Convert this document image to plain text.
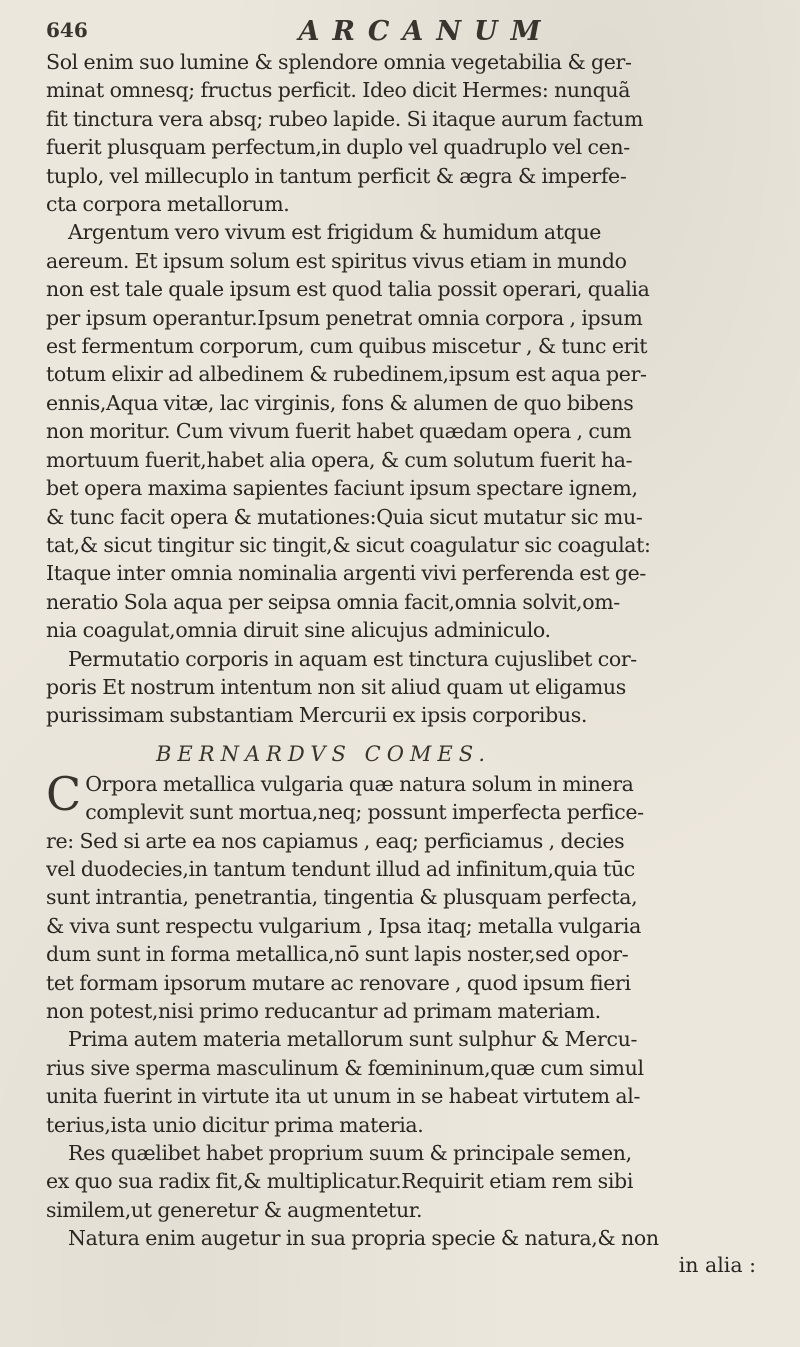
646	ARCANUM

Sol enim suo lumine & splendore omnia vegetabilia & ger-
minat omnesq; fructus perficit. Ideo dicit Hermes: nunquã
fit tinctura vera absq; rubeo lapide. Si itaque aurum factum
fuerit plusquam perfectum,in duplo vel quadruplo vel cen-
tuplo, vel millecuplo in tantum perficit & ægra & imperfe-
cta corpora metallorum.

Argentum vero vivum est frigidum & humidum atque
aereum. Et ipsum solum est spiritus vivus etiam in mundo
non est tale quale ipsum est quod talia possit operari, qualia
per ipsum operantur.Ipsum penetrat omnia corpora , ipsum
est fermentum corporum, cum quibus miscetur , & tunc erit
totum elixir ad albedinem & rubedinem,ipsum est aqua per-
ennis,Aqua vitæ, lac virginis, fons & alumen de quo bibens
non moritur. Cum vivum fuerit habet quædam opera , cum
mortuum fuerit,habet alia opera, & cum solutum fuerit ha-
bet opera maxima sapientes faciunt ipsum spectare ignem,
& tunc facit opera & mutationes:Quia sicut mutatur sic mu-
tat,& sicut tingitur sic tingit,& sicut coagulatur sic coagulat:
Itaque inter omnia nominalia argenti vivi perferenda est ge-
neratio Sola aqua per seipsa omnia facit,omnia solvit,om-
nia coagulat,omnia diruit sine alicujus adminiculo.

Permutatio corporis in aquam est tinctura cujuslibet cor-
poris Et nostrum intentum non sit aliud quam ut eligamus
purissimam substantiam Mercurii ex ipsis corporibus.

BERNARDVS COMES.
C Orpora metallica vulgaria quæ natura solum in minera
complevit sunt mortua,neq; possunt imperfecta perfice-
re: Sed si arte ea nos capiamus , eaq; perficiamus , decies
vel duodecies,in tantum tendunt illud ad infinitum,quia tūc
sunt intrantia, penetrantia, tingentia & plusquam perfecta,
& viva sunt respectu vulgarium , Ipsa itaq; metalla vulgaria
dum sunt in forma metallica,nō sunt lapis noster,sed opor-
tet formam ipsorum mutare ac renovare , quod ipsum fieri
non potest,nisi primo reducantur ad primam materiam.

Prima autem materia metallorum sunt sulphur & Mercu-
rius sive sperma masculinum & fœmininum,quæ cum simul
unita fuerint in virtute ita ut unum in se habeat virtutem al-
terius,ista unio dicitur prima materia.

Res quælibet habet proprium suum & principale semen,
ex quo sua radix fit,& multiplicatur.Requirit etiam rem sibi
similem,ut generetur & augmentetur.
Natura enim augetur in sua propria specie & natura,& non

in alia :
